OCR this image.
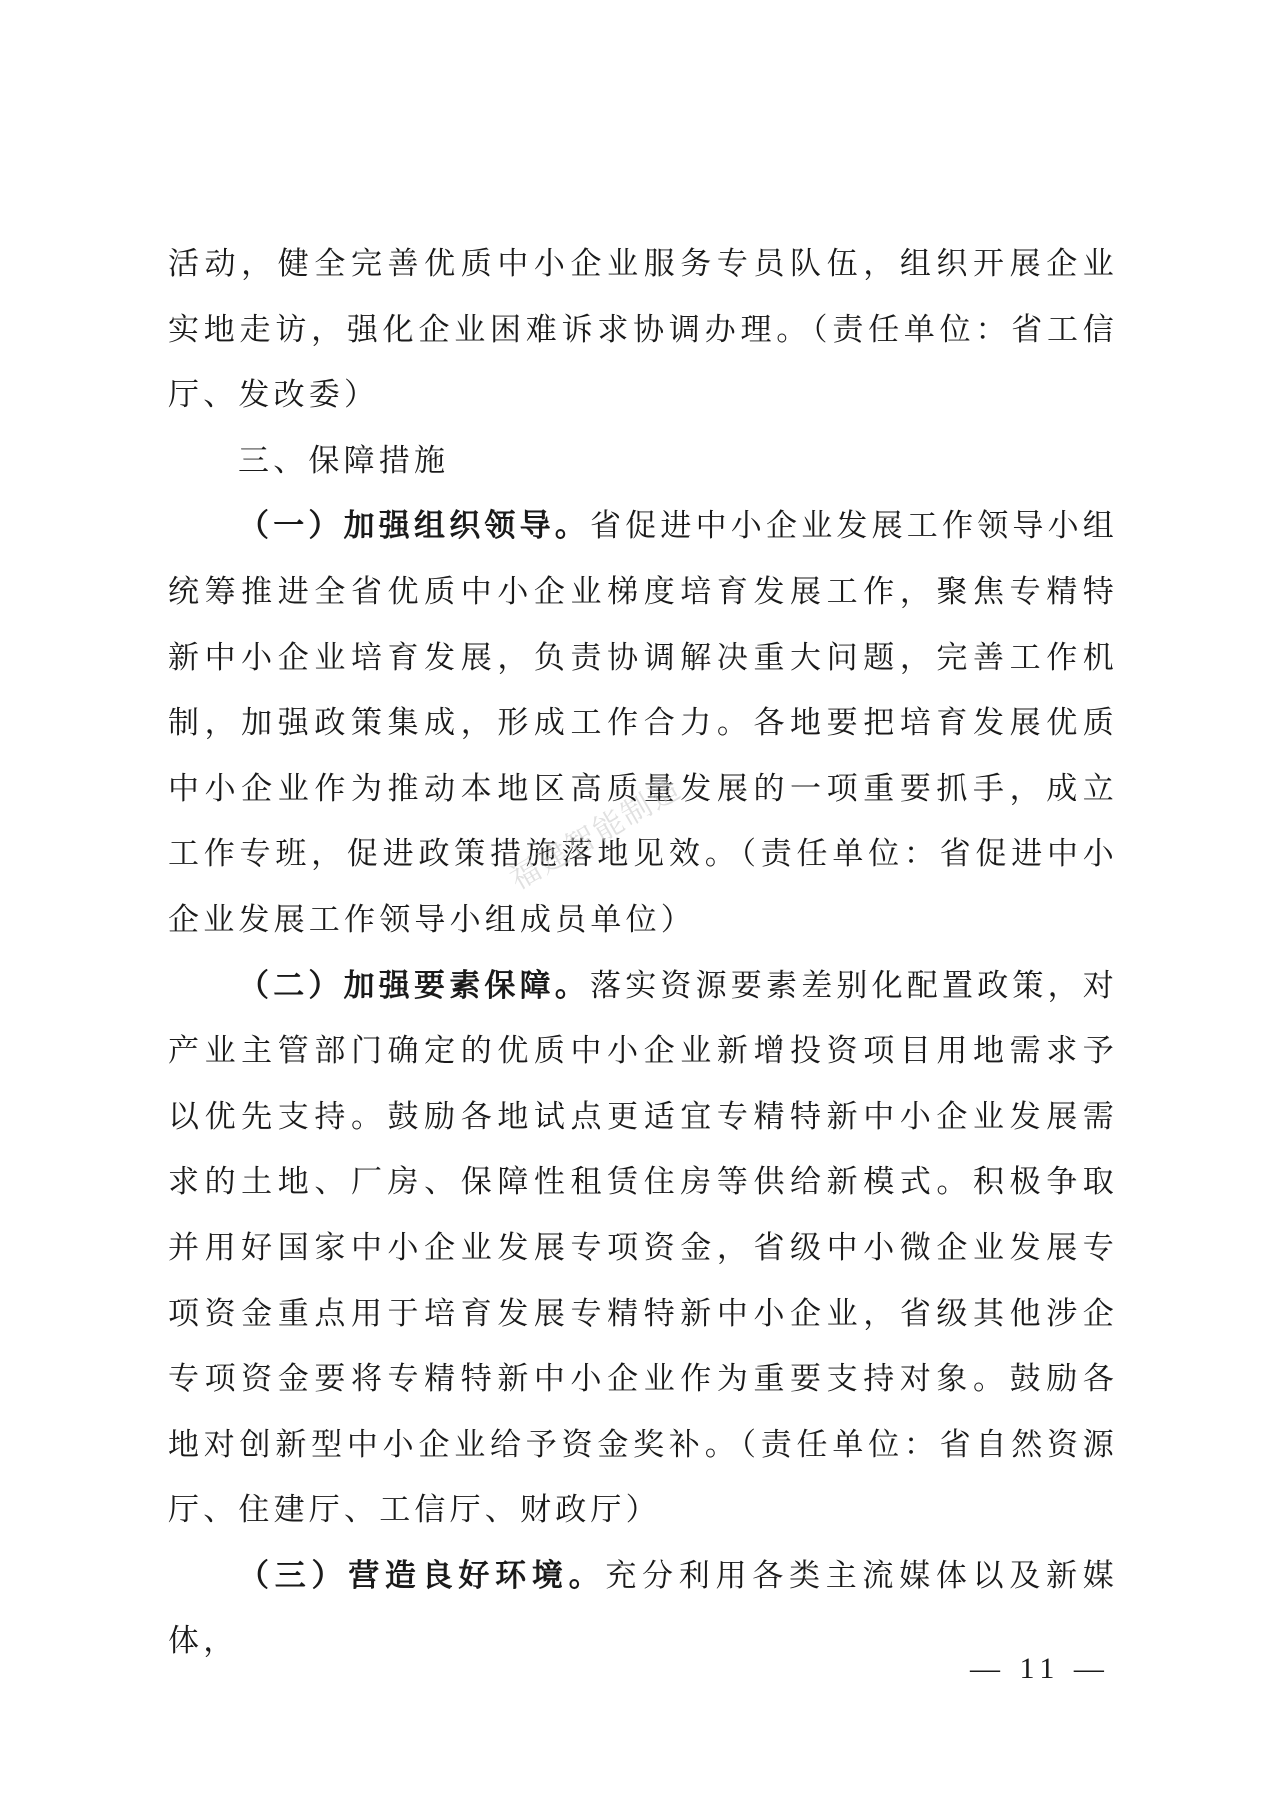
活动，健全完善优质中小企业服务专员队伍，组织开展企业实地走访，强化企业困难诉求协调办理。（责任单位：省工信厅、发改委）

三、保障措施

（一）加强组织领导。省促进中小企业发展工作领导小组统筹推进全省优质中小企业梯度培育发展工作，聚焦专精特新中小企业培育发展，负责协调解决重大问题，完善工作机制，加强政策集成，形成工作合力。各地要把培育发展优质中小企业作为推动本地区高质量发展的一项重要抓手，成立工作专班，促进政策措施落地见效。（责任单位：省促进中小企业发展工作领导小组成员单位）

（二）加强要素保障。落实资源要素差别化配置政策，对产业主管部门确定的优质中小企业新增投资项目用地需求予以优先支持。鼓励各地试点更适宜专精特新中小企业发展需求的土地、厂房、保障性租赁住房等供给新模式。积极争取并用好国家中小企业发展专项资金，省级中小微企业发展专项资金重点用于培育发展专精特新中小企业，省级其他涉企专项资金要将专精特新中小企业作为重要支持对象。鼓励各地对创新型中小企业给予资金奖补。（责任单位：省自然资源厅、住建厅、工信厅、财政厅）

（三）营造良好环境。充分利用各类主流媒体以及新媒体，

福建智能制造
— 11 —
